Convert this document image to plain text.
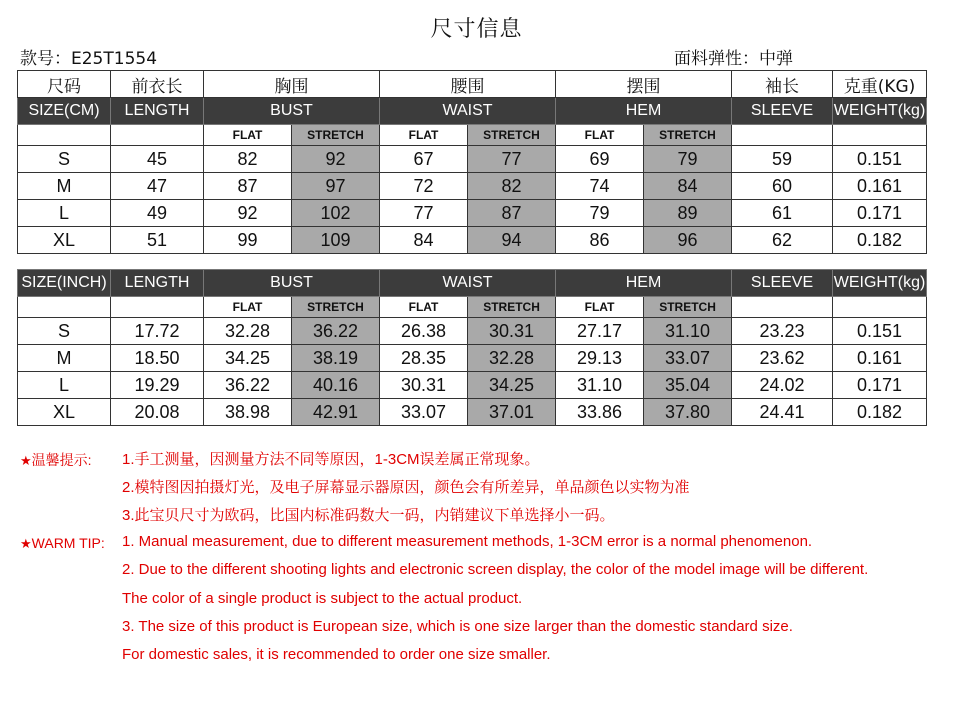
尺寸信息
款号：E25T1554	面料弹性：中弹
尺码	前衣长	胸围		腰围		摆围		袖长	克重(KG)
SIZE(CM)	LENGTH	BUST		WAIST		HEM		SLEEVE	WEIGHT(kg)
		FLAT	STRETCH	FLAT	STRETCH	FLAT	STRETCH		
S	45	82	92	67	77	69	79	59	0.151
M	47	87	97	72	82	74	84	60	0.161
L	49	92	102	77	87	79	89	61	0.171
XL	51	99	109	84	94	86	96	62	0.182
SIZE(INCH)	LENGTH	BUST		WAIST		HEM		SLEEVE	WEIGHT(kg)
		FLAT	STRETCH	FLAT	STRETCH	FLAT	STRETCH		
S	17.72	32.28	36.22	26.38	30.31	27.17	31.10	23.23	0.151
M	18.50	34.25	38.19	28.35	32.28	29.13	33.07	23.62	0.161
L	19.29	36.22	40.16	30.31	34.25	31.10	35.04	24.02	0.171
XL	20.08	38.98	42.91	33.07	37.01	33.86	37.80	24.41	0.182
★温馨提示: 1.手工测量，因测量方法不同等原因，1-3CM误差属正常现象。
2.模特图因拍摄灯光，及电子屏幕显示器原因，颜色会有所差异，单品颜色以实物为准
3.此宝贝尺寸为欧码，比国内标准码数大一码，内销建议下单选择小一码。
★WARM TIP: 1. Manual measurement, due to different measurement methods, 1-3CM error is a normal phenomenon.
2. Due to the different shooting lights and electronic screen display, the color of the model image will be different.
The color of a single product is subject to the actual product.
3. The size of this product is European size, which is one size larger than the domestic standard size.
For domestic sales, it is recommended to order one size smaller.
